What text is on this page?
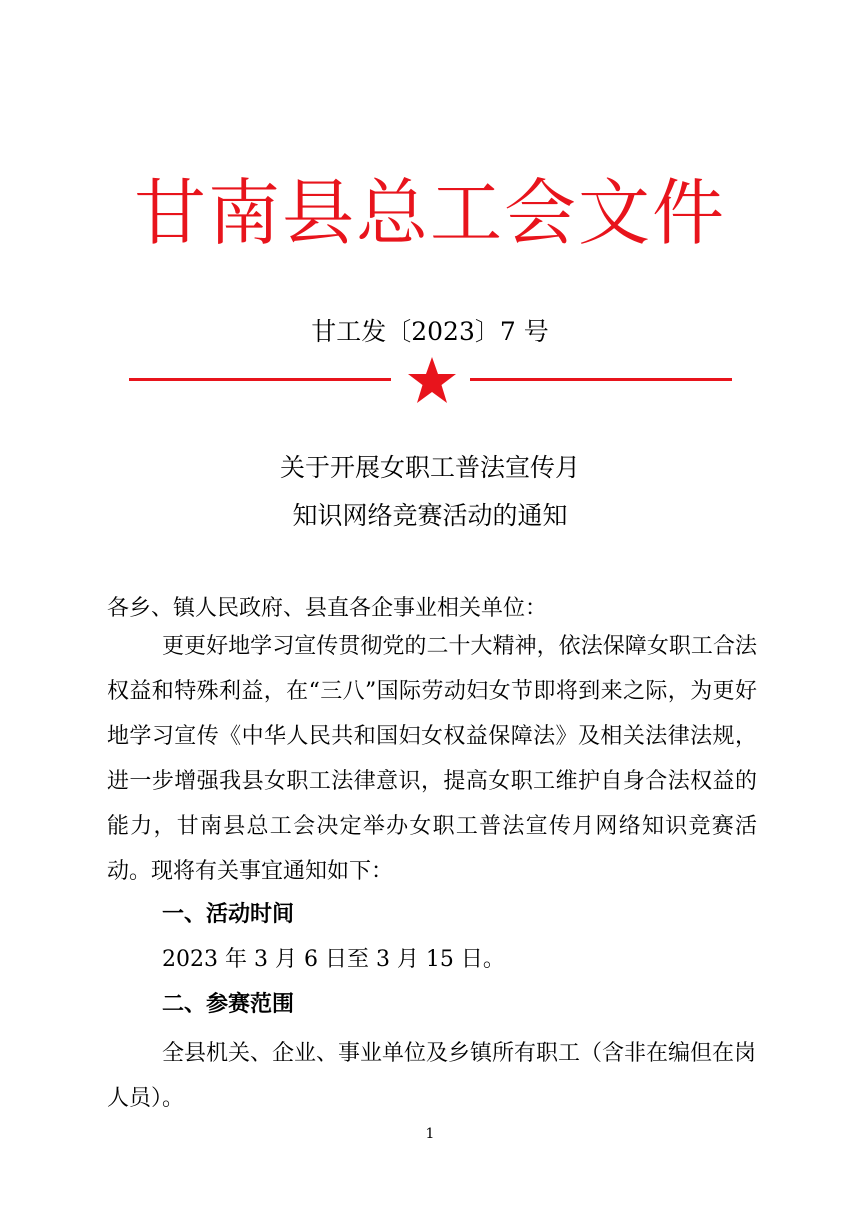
甘南县总工会文件
甘工发〔2023〕7 号
关于开展女职工普法宣传月
知识网络竞赛活动的通知
各乡、镇人民政府、县直各企事业相关单位：
更更好地学习宣传贯彻党的二十大精神，依法保障女职工合法权益和特殊利益，在“三八”国际劳动妇女节即将到来之际，为更好地学习宣传《中华人民共和国妇女权益保障法》及相关法律法规，进一步增强我县女职工法律意识，提高女职工维护自身合法权益的能力，甘南县总工会决定举办女职工普法宣传月网络知识竞赛活动。现将有关事宜通知如下：
一、活动时间
2023 年 3 月 6 日至 3 月 15 日。
二、参赛范围
全县机关、企业、事业单位及乡镇所有职工（含非在编但在岗人员）。
1
